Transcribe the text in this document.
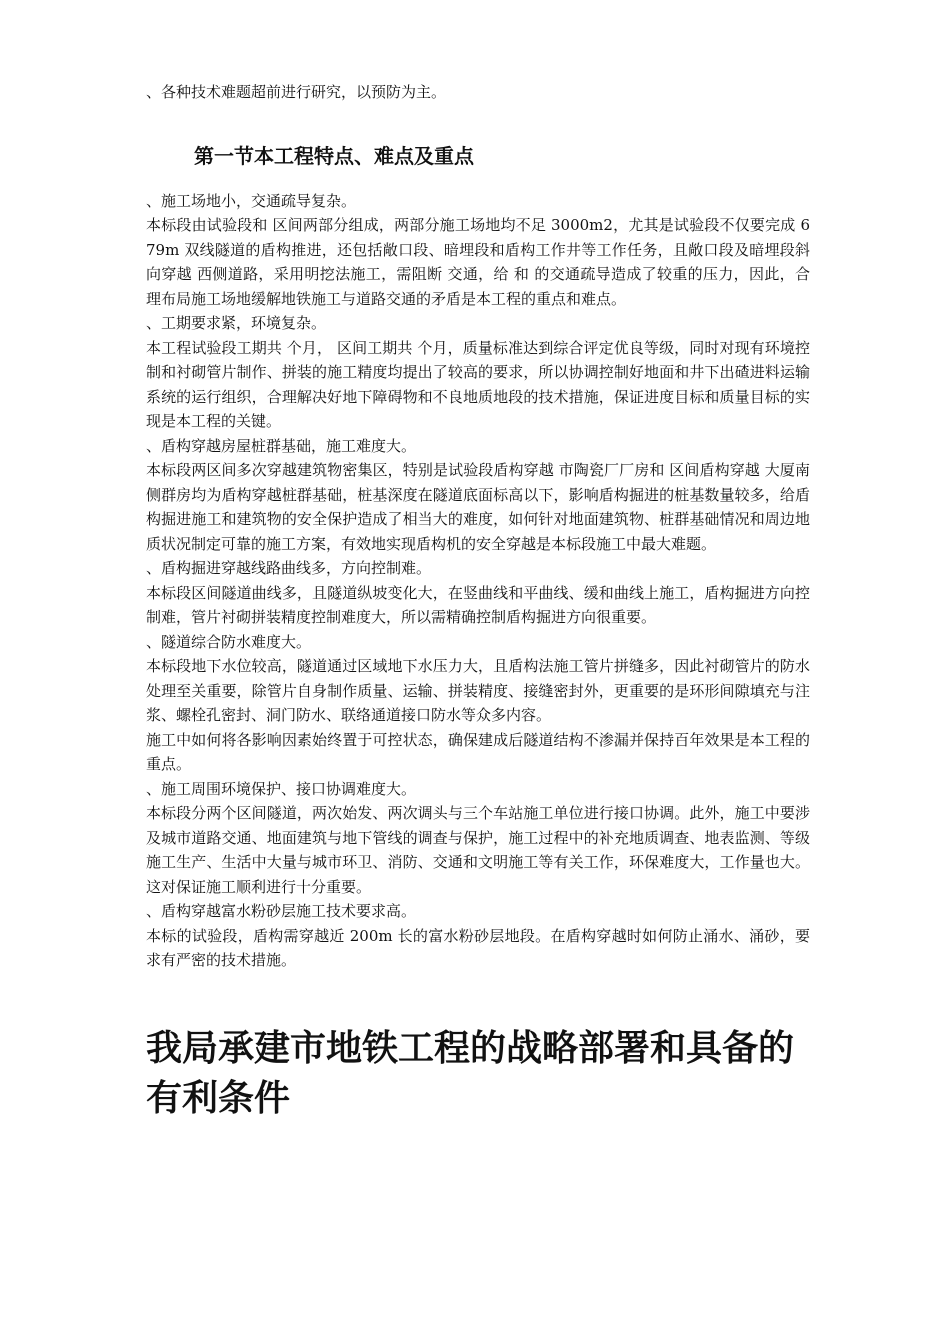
、各种技术难题超前进行研究，以预防为主。

第一节本工程特点、难点及重点

、施工场地小，交通疏导复杂。

本标段由试验段和 区间两部分组成，两部分施工场地均不足 3000m2，尤其是试验段不仅要完成 679m 双线隧道的盾构推进，还包括敞口段、暗埋段和盾构工作井等工作任务，且敞口段及暗埋段斜向穿越 西侧道路，采用明挖法施工，需阻断 交通，给 和 的交通疏导造成了较重的压力，因此，合理布局施工场地缓解地铁施工与道路交通的矛盾是本工程的重点和难点。

、工期要求紧，环境复杂。

本工程试验段工期共 个月， 区间工期共 个月，质量标准达到综合评定优良等级，同时对现有环境控制和衬砌管片制作、拼装的施工精度均提出了较高的要求，所以协调控制好地面和井下出碴进料运输系统的运行组织，合理解决好地下障碍物和不良地质地段的技术措施，保证进度目标和质量目标的实现是本工程的关键。

、盾构穿越房屋桩群基础，施工难度大。

本标段两区间多次穿越建筑物密集区，特别是试验段盾构穿越 市陶瓷厂厂房和 区间盾构穿越 大厦南侧群房均为盾构穿越桩群基础，桩基深度在隧道底面标高以下，影响盾构掘进的桩基数量较多，给盾构掘进施工和建筑物的安全保护造成了相当大的难度，如何针对地面建筑物、桩群基础情况和周边地质状况制定可靠的施工方案，有效地实现盾构机的安全穿越是本标段施工中最大难题。

、盾构掘进穿越线路曲线多，方向控制难。

本标段区间隧道曲线多，且隧道纵坡变化大，在竖曲线和平曲线、缓和曲线上施工，盾构掘进方向控制难，管片衬砌拼装精度控制难度大，所以需精确控制盾构掘进方向很重要。

、隧道综合防水难度大。

本标段地下水位较高，隧道通过区域地下水压力大，且盾构法施工管片拼缝多，因此衬砌管片的防水处理至关重要，除管片自身制作质量、运输、拼装精度、接缝密封外，更重要的是环形间隙填充与注浆、螺栓孔密封、洞门防水、联络通道接口防水等众多内容。

施工中如何将各影响因素始终置于可控状态，确保建成后隧道结构不渗漏并保持百年效果是本工程的重点。

、施工周围环境保护、接口协调难度大。

本标段分两个区间隧道，两次始发、两次调头与三个车站施工单位进行接口协调。此外，施工中要涉及城市道路交通、地面建筑与地下管线的调查与保护，施工过程中的补充地质调查、地表监测、等级施工生产、生活中大量与城市环卫、消防、交通和文明施工等有关工作，环保难度大，工作量也大。这对保证施工顺利进行十分重要。

、盾构穿越富水粉砂层施工技术要求高。

本标的试验段，盾构需穿越近 200m 长的富水粉砂层地段。在盾构穿越时如何防止涌水、涌砂，要求有严密的技术措施。

我局承建市地铁工程的战略部署和具备的有利条件
